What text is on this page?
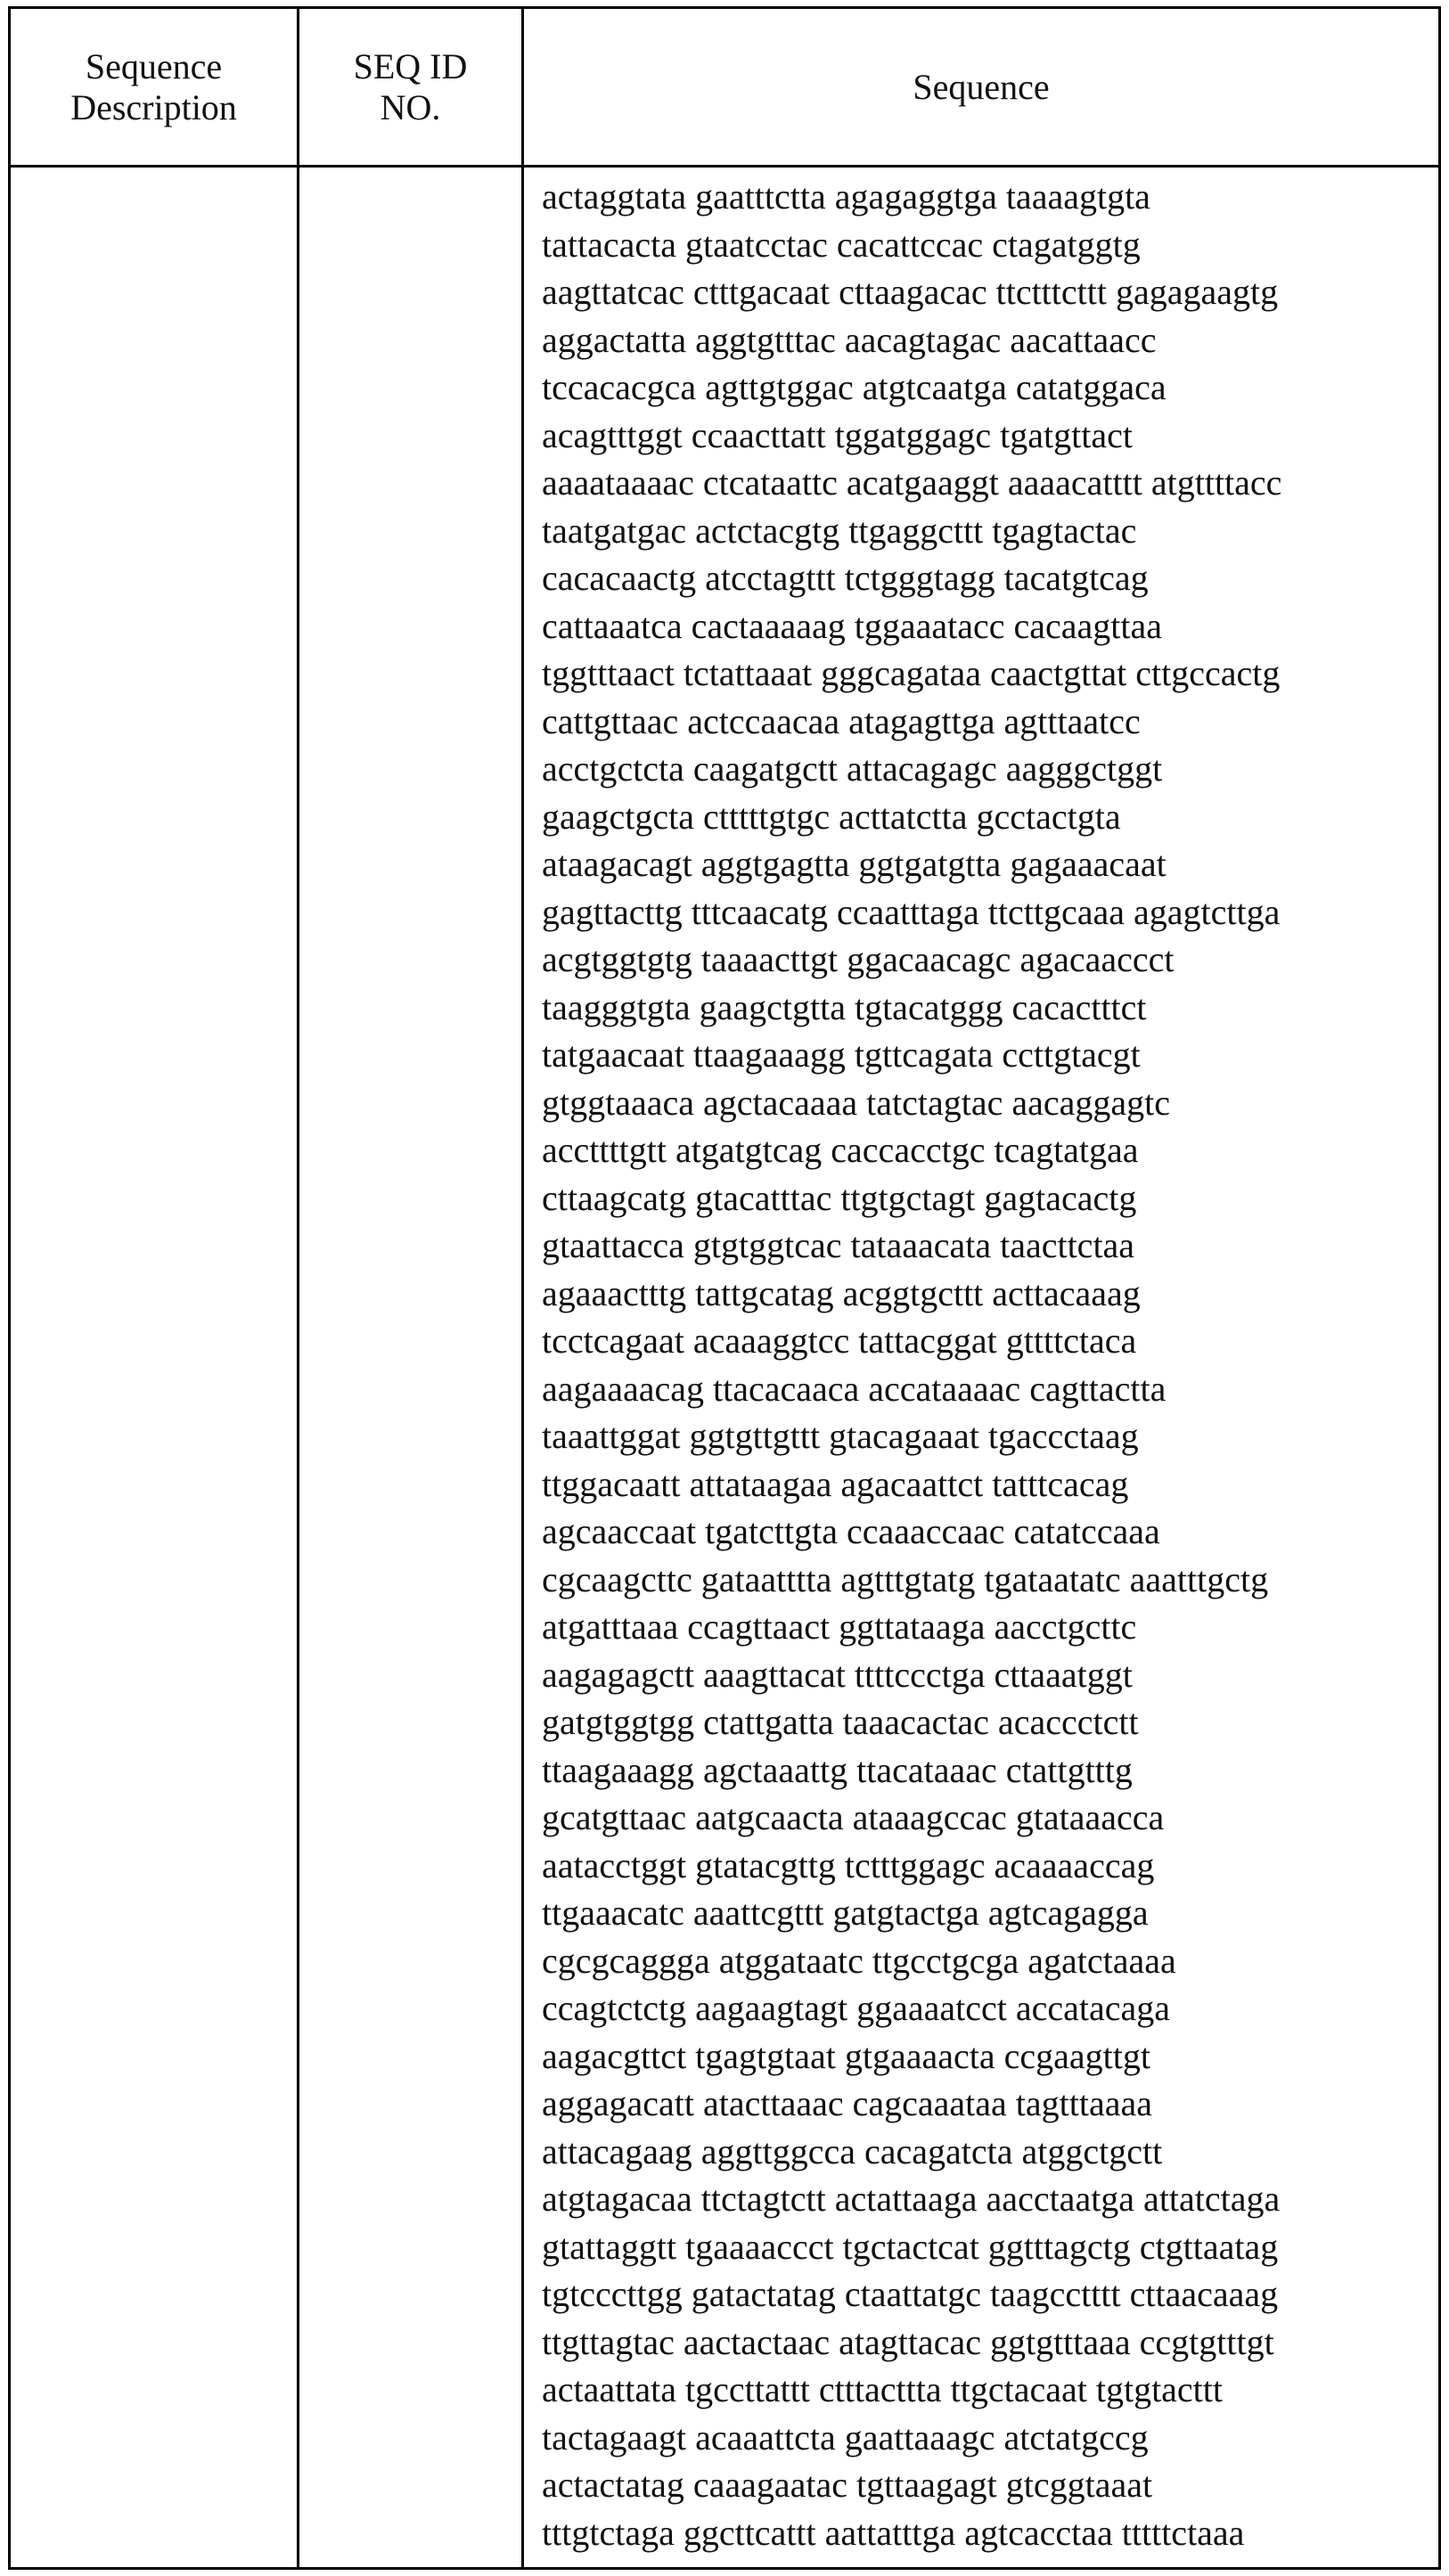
Sequence Description	SEQ ID NO.	Sequence

actaggtata gaatttctta agagaggtga taaaagtgta
tattacacta gtaatcctac cacattccac ctagatggtg
aagttatcac ctttgacaat cttaagacac ttctttcttt gagagaagtg
aggactatta aggtgtttac aacagtagac aacattaacc
tccacacgca agttgtggac atgtcaatga catatggaca
acagtttggt ccaacttatt tggatggagc tgatgttact
aaaataaaac ctcataattc acatgaaggt aaaacatttt atgttttacc
taatgatgac actctacgtg ttgaggcttt tgagtactac
cacacaactg atcctagttt tctgggtagg tacatgtcag
cattaaatca cactaaaaag tggaaatacc cacaagttaa
tggtttaact tctattaaat gggcagataa caactgttat cttgccactg
cattgttaac actccaacaa atagagttga agtttaatcc
acctgctcta caagatgctt attacagagc aagggctggt
gaagctgcta ctttttgtgc acttatctta gcctactgta
ataagacagt aggtgagtta ggtgatgtta gagaaacaat
gagttacttg tttcaacatg ccaatttaga ttcttgcaaa agagtcttga
acgtggtgtg taaaacttgt ggacaacagc agacaaccct
taagggtgta gaagctgtta tgtacatggg cacactttct
tatgaacaat ttaagaaagg tgttcagata ccttgtacgt
gtggtaaaca agctacaaaa tatctagtac aacaggagtc
accttttgtt atgatgtcag caccacctgc tcagtatgaa
cttaagcatg gtacatttac ttgtgctagt gagtacactg
gtaattacca gtgtggtcac tataaacata taacttctaa
agaaactttg tattgcatag acggtgcttt acttacaaag
tcctcagaat acaaaggtcc tattacggat gttttctaca
aagaaaacag ttacacaaca accataaaac cagttactta
taaattggat ggtgttgttt gtacagaaat tgaccctaag
ttggacaatt attataagaa agacaattct tatttcacag
agcaaccaat tgatcttgta ccaaaccaac catatccaaa
cgcaagcttc gataatttta agtttgtatg tgataatatc aaatttgctg
atgatttaaa ccagttaact ggttataaga aacctgcttc
aagagagctt aaagttacat ttttccctga cttaaatggt
gatgtggtgg ctattgatta taaacactac acaccctctt
ttaagaaagg agctaaattg ttacataaac ctattgtttg
gcatgttaac aatgcaacta ataaagccac gtataaacca
aatacctggt gtatacgttg tctttggagc acaaaaccag
ttgaaacatc aaattcgttt gatgtactga agtcagagga
cgcgcaggga atggataatc ttgcctgcga agatctaaaa
ccagtctctg aagaagtagt ggaaaatcct accatacaga
aagacgttct tgagtgtaat gtgaaaacta ccgaagttgt
aggagacatt atacttaaac cagcaaataa tagtttaaaa
attacagaag aggttggcca cacagatcta atggctgctt
atgtagacaa ttctagtctt actattaaga aacctaatga attatctaga
gtattaggtt tgaaaaccct tgctactcat ggtttagctg ctgttaatag
tgtcccttgg gatactatag ctaattatgc taagcctttt cttaacaaag
ttgttagtac aactactaac atagttacac ggtgtttaaa ccgtgtttgt
actaattata tgccttattt ctttacttta ttgctacaat tgtgtacttt
tactagaagt acaaattcta gaattaaagc atctatgccg
actactatag caaagaatac tgttaagagt gtcggtaaat
tttgtctaga ggcttcattt aattatttga agtcacctaa tttttctaaa
